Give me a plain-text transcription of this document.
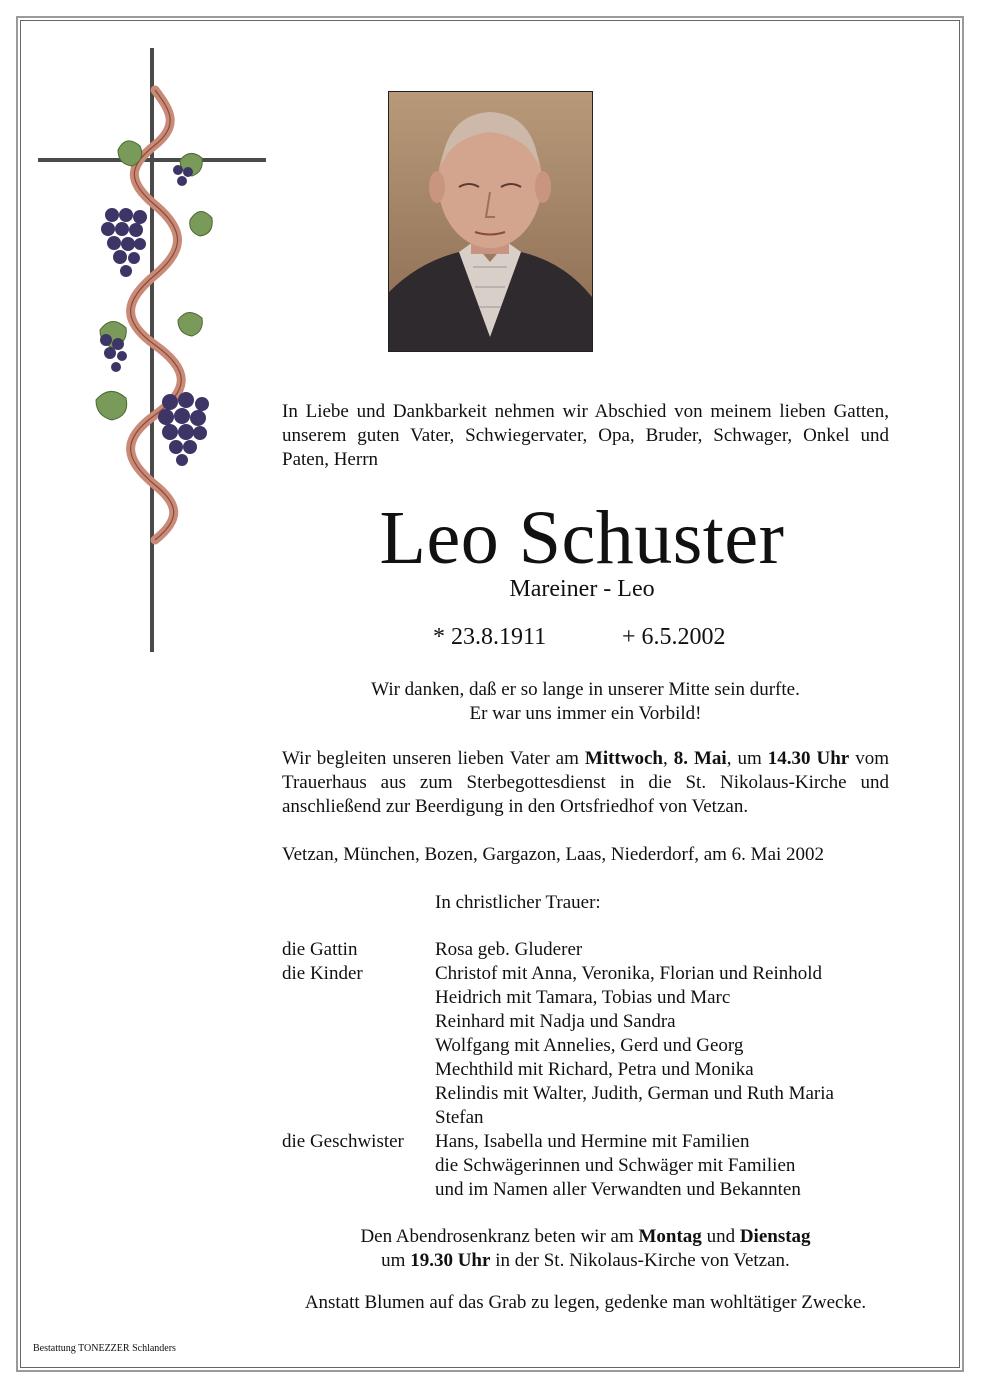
In Liebe und Dankbarkeit nehmen wir Abschied von meinem lieben Gatten, unserem guten Vater, Schwiegervater, Opa, Bruder, Schwager, Onkel und Paten, Herrn

Leo Schuster
Mareiner - Leo
* 23.8.1911	+ 6.5.2002
Wir danken, daß er so lange in unserer Mitte sein durfte.
Er war uns immer ein Vorbild!

Wir begleiten unseren lieben Vater am Mittwoch, 8. Mai, um 14.30 Uhr vom Trauerhaus aus zum Sterbegottesdienst in die St. Nikolaus-Kirche und anschließend zur Beerdigung in den Ortsfriedhof von Vetzan.

Vetzan, München, Bozen, Gargazon, Laas, Niederdorf, am 6. Mai 2002
In christlicher Trauer:
die Gattin	Rosa geb. Gluderer
die Kinder	Christof mit Anna, Veronika, Florian und Reinhold
Heidrich mit Tamara, Tobias und Marc
Reinhard mit Nadja und Sandra
Wolfgang mit Annelies, Gerd und Georg
Mechthild mit Richard, Petra und Monika
Relindis mit Walter, Judith, German und Ruth Maria
Stefan
die Geschwister Hans, Isabella und Hermine mit Familien
die Schwägerinnen und Schwäger mit Familien
und im Namen aller Verwandten und Bekannten
Den Abendrosenkranz beten wir am Montag und Dienstag
um 19.30 Uhr in der St. Nikolaus-Kirche von Vetzan.
Anstatt Blumen auf das Grab zu legen, gedenke man wohltätiger Zwecke.
Bestattung TONEZZER Schlanders
